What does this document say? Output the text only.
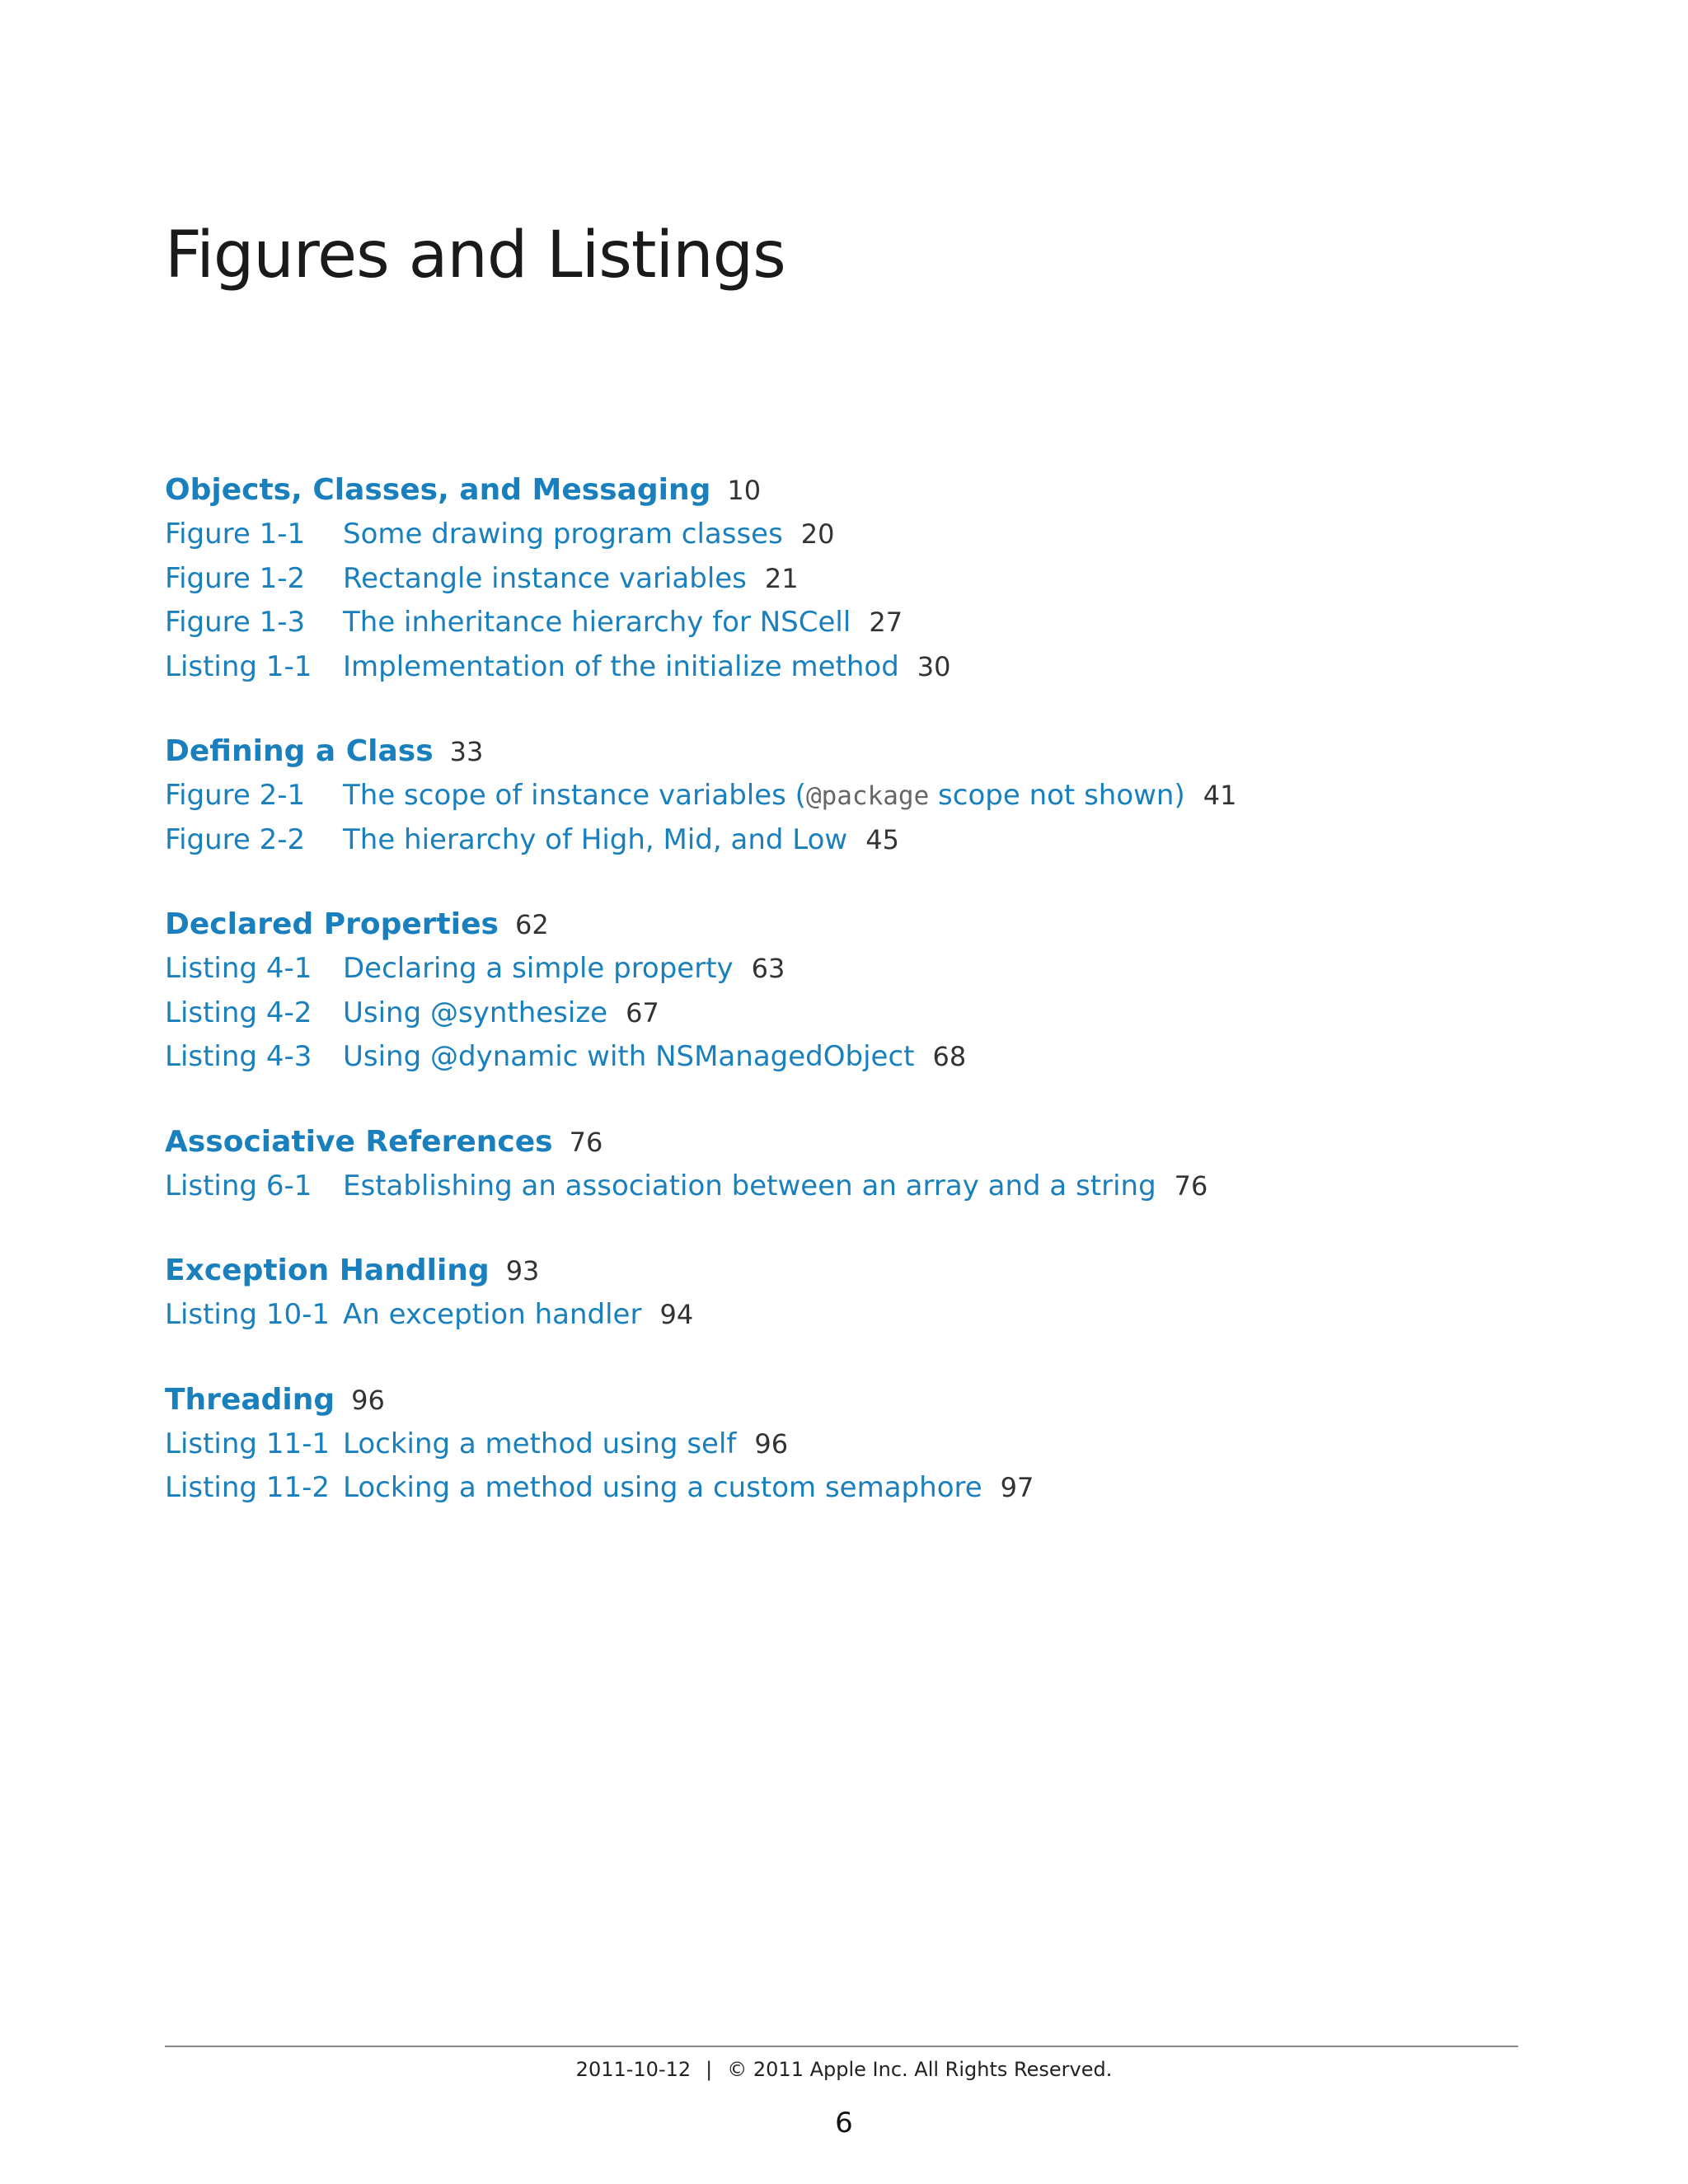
Figures and Listings
Objects, Classes, and Messaging 10
Figure 1-1	Some drawing program classes 20
Figure 1-2	Rectangle instance variables 21
Figure 1-3	The inheritance hierarchy for NSCell 27
Listing 1-1	Implementation of the initialize method 30
Defining a Class 33
Figure 2-1	The scope of instance variables (@package scope not shown) 41
Figure 2-2	The hierarchy of High, Mid, and Low 45
Declared Properties 62
Listing 4-1	Declaring a simple property 63
Listing 4-2	Using @synthesize 67
Listing 4-3	Using @dynamic with NSManagedObject 68
Associative References 76
Listing 6-1	Establishing an association between an array and a string 76
Exception Handling 93
Listing 10-1 An exception handler 94
Threading 96
Listing 11-1 Locking a method using self 96
Listing 11-2 Locking a method using a custom semaphore 97
2011-10-12 | © 2011 Apple Inc. All Rights Reserved.
6
